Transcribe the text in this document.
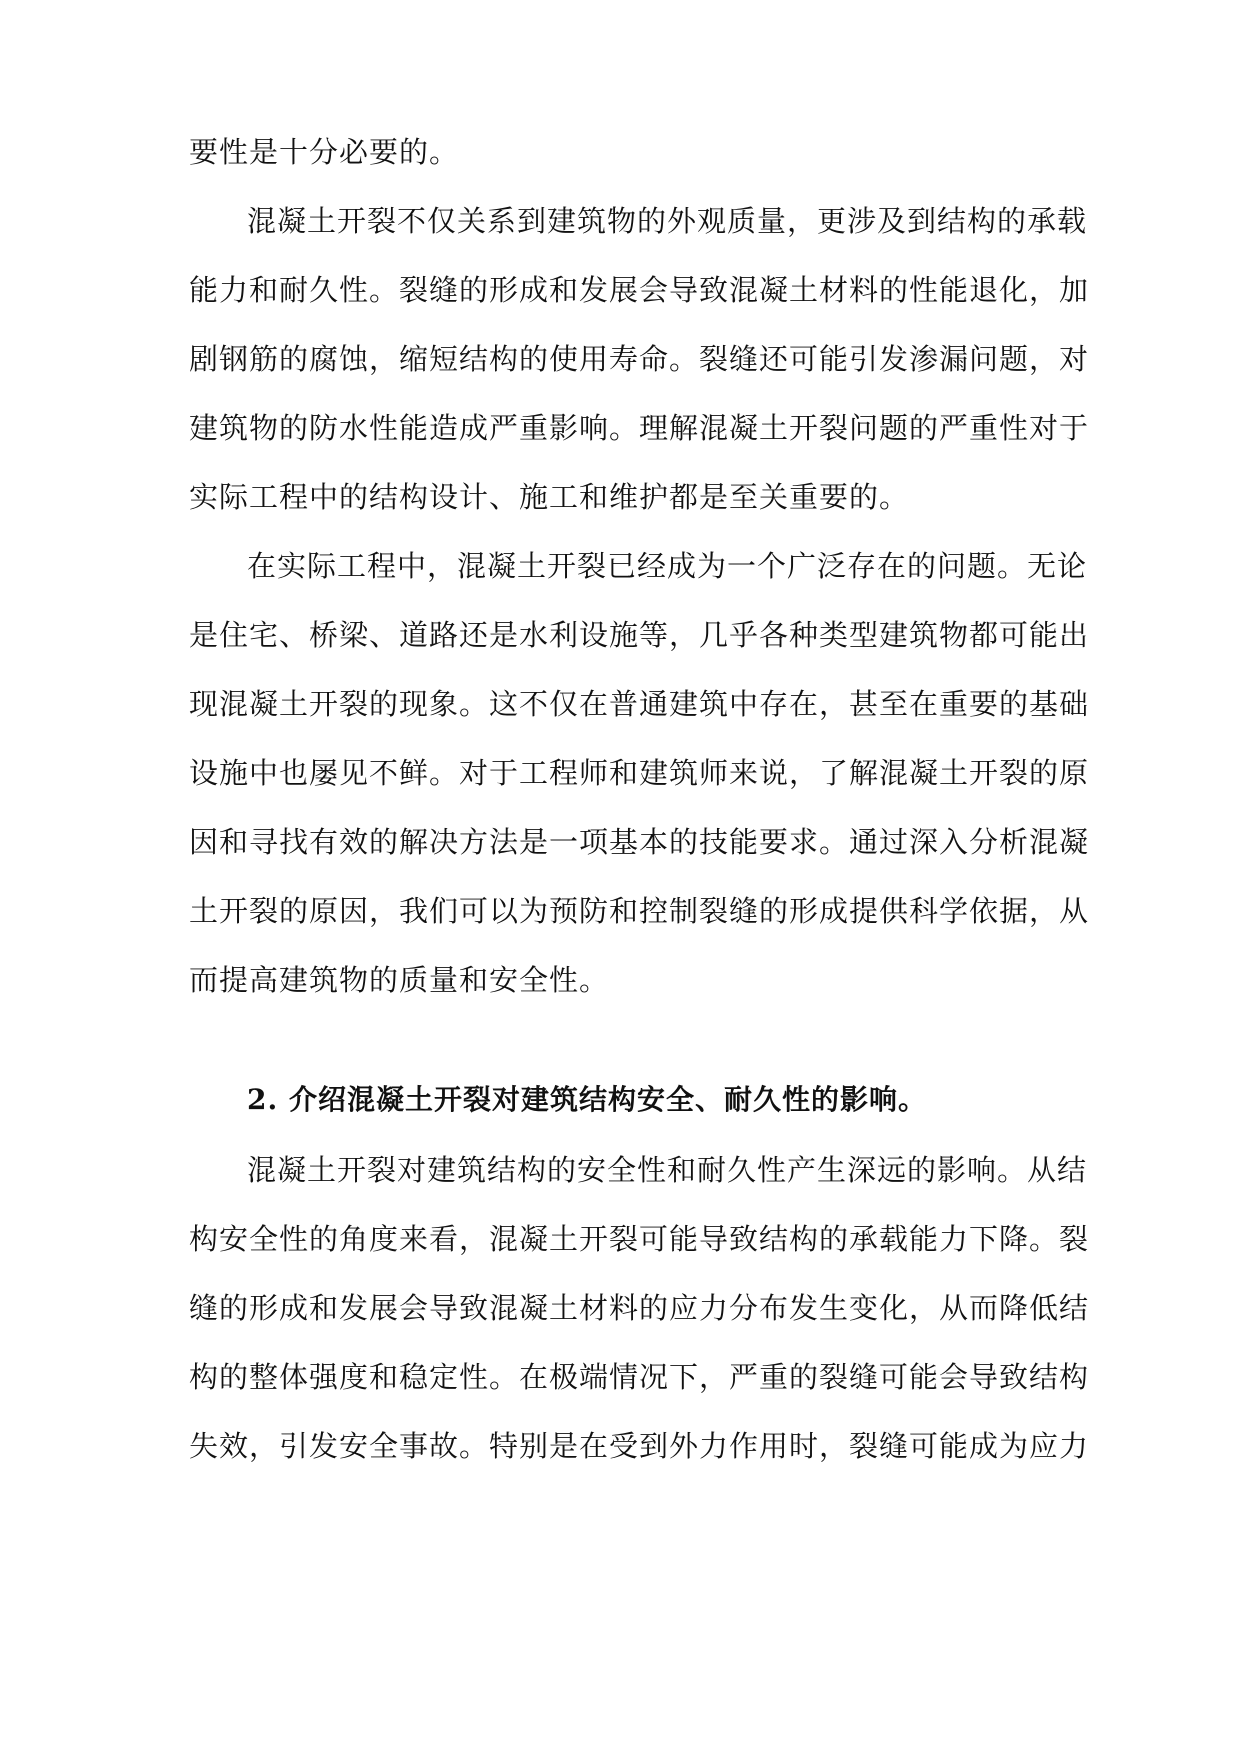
要性是十分必要的。
混凝土开裂不仅关系到建筑物的外观质量，更涉及到结构的承载
能力和耐久性。裂缝的形成和发展会导致混凝土材料的性能退化，加
剧钢筋的腐蚀，缩短结构的使用寿命。裂缝还可能引发渗漏问题，对
建筑物的防水性能造成严重影响。理解混凝土开裂问题的严重性对于
实际工程中的结构设计、施工和维护都是至关重要的。
在实际工程中，混凝土开裂已经成为一个广泛存在的问题。无论
是住宅、桥梁、道路还是水利设施等，几乎各种类型建筑物都可能出
现混凝土开裂的现象。这不仅在普通建筑中存在，甚至在重要的基础
设施中也屡见不鲜。对于工程师和建筑师来说，了解混凝土开裂的原
因和寻找有效的解决方法是一项基本的技能要求。通过深入分析混凝
土开裂的原因，我们可以为预防和控制裂缝的形成提供科学依据，从
而提高建筑物的质量和安全性。
2. 介绍混凝土开裂对建筑结构安全、耐久性的影响。
混凝土开裂对建筑结构的安全性和耐久性产生深远的影响。从结
构安全性的角度来看，混凝土开裂可能导致结构的承载能力下降。裂
缝的形成和发展会导致混凝土材料的应力分布发生变化，从而降低结
构的整体强度和稳定性。在极端情况下，严重的裂缝可能会导致结构
失效，引发安全事故。特别是在受到外力作用时，裂缝可能成为应力
